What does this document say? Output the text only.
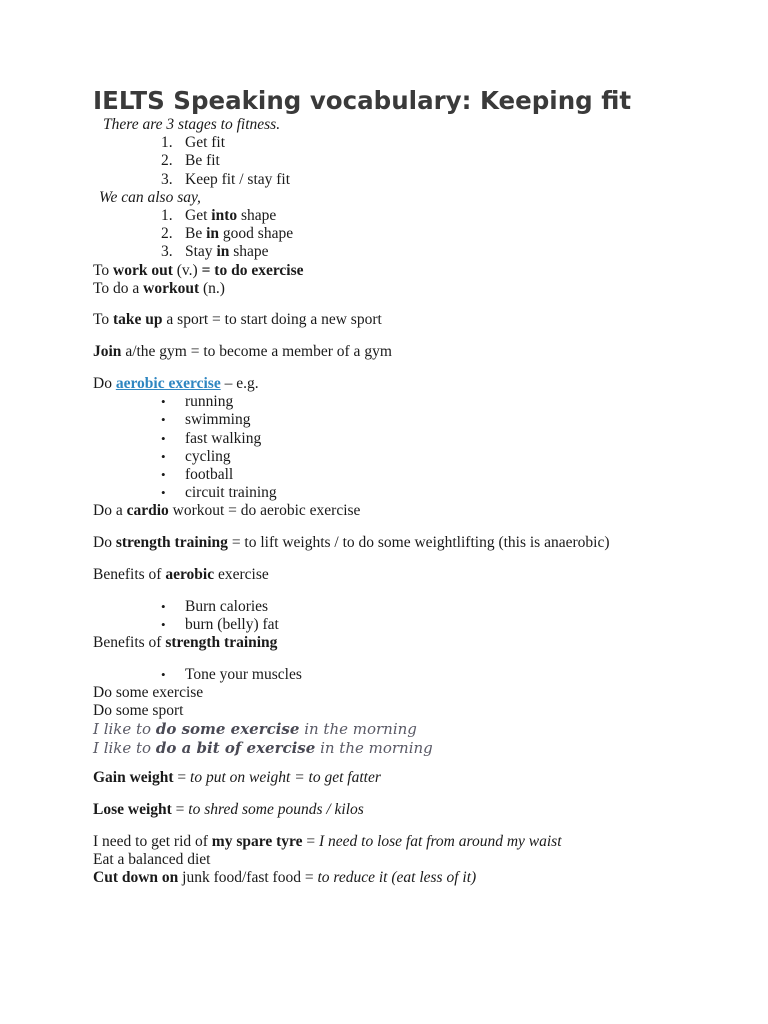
IELTS Speaking vocabulary: Keeping fit
There are 3 stages to fitness.
1. Get fit
2. Be fit
3. Keep fit / stay fit
We can also say,
1. Get into shape
2. Be in good shape
3. Stay in shape
To work out (v.) = to do exercise
To do a workout (n.)
To take up a sport = to start doing a new sport
Join a/the gym = to become a member of a gym
Do aerobic exercise – e.g.
• running
• swimming
• fast walking
• cycling
• football
• circuit training
Do a cardio workout = do aerobic exercise
Do strength training = to lift weights / to do some weightlifting (this is anaerobic)
Benefits of aerobic exercise
• Burn calories
• burn (belly) fat
Benefits of strength training
• Tone your muscles
Do some exercise
Do some sport
I like to do some exercise in the morning
I like to do a bit of exercise in the morning
Gain weight = to put on weight = to get fatter
Lose weight = to shred some pounds / kilos
I need to get rid of my spare tyre = I need to lose fat from around my waist
Eat a balanced diet
Cut down on junk food/fast food = to reduce it (eat less of it)
